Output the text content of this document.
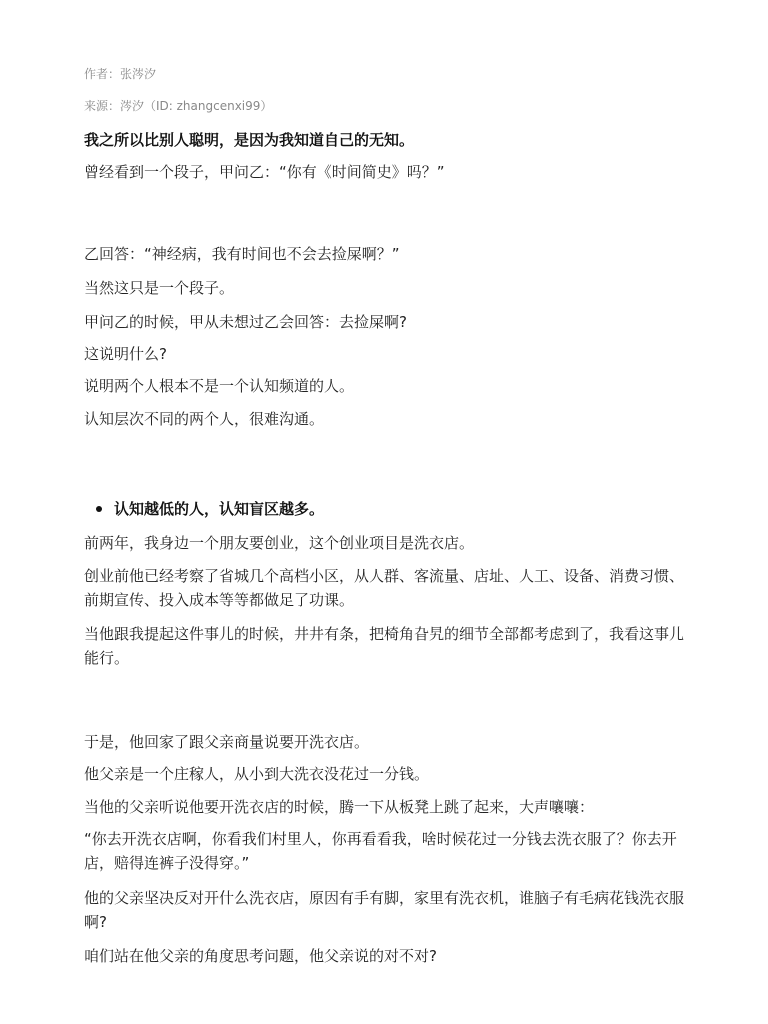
作者：张涔汐
来源：涔汐（ID: zhangcenxi99）
我之所以比别人聪明，是因为我知道自己的无知。
曾经看到一个段子，甲问乙：“你有《时间简史》吗？”
乙回答：“神经病，我有时间也不会去捡屎啊？”
当然这只是一个段子。
甲问乙的时候，甲从未想过乙会回答：去捡屎啊?
这说明什么?
说明两个人根本不是一个认知频道的人。
认知层次不同的两个人，很难沟通。
认知越低的人，认知盲区越多。
前两年，我身边一个朋友要创业，这个创业项目是洗衣店。
创业前他已经考察了省城几个高档小区，从人群、客流量、店址、人工、设备、消费习惯、前期宣传、投入成本等等都做足了功课。
当他跟我提起这件事儿的时候，井井有条，把椅角旮旯的细节全部都考虑到了，我看这事儿能行。
于是，他回家了跟父亲商量说要开洗衣店。
他父亲是一个庄稼人，从小到大洗衣没花过一分钱。
当他的父亲听说他要开洗衣店的时候，腾一下从板凳上跳了起来，大声嚷嚷：
“你去开洗衣店啊，你看我们村里人，你再看看我，啥时候花过一分钱去洗衣服了？你去开店，赔得连裤子没得穿。”
他的父亲坚决反对开什么洗衣店，原因有手有脚，家里有洗衣机，谁脑子有毛病花钱洗衣服啊?
咱们站在他父亲的角度思考问题，他父亲说的对不对?
